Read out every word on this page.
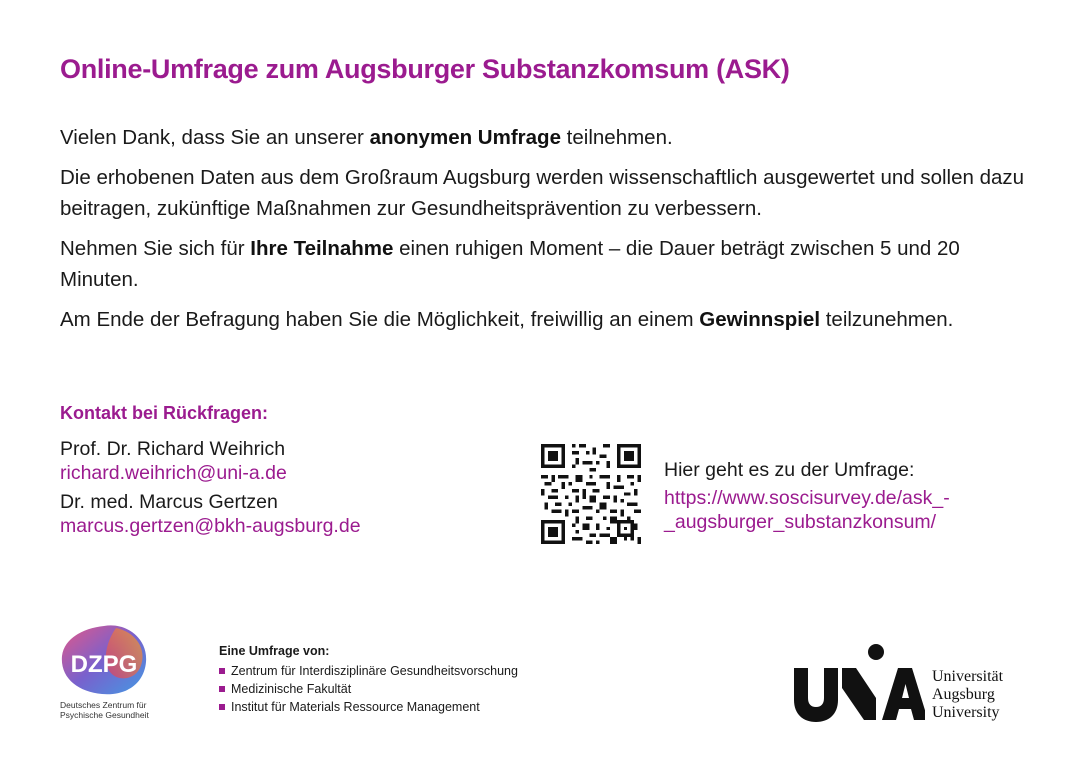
Online-Umfrage zum Augsburger Substanzkomsum (ASK)

Vielen Dank, dass Sie an unserer anonymen Umfrage teilnehmen.

Die erhobenen Daten aus dem Großraum Augsburg werden wissenschaftlich ausgewertet und sollen dazu beitragen, zukünftige Maßnahmen zur Gesundheitsprävention zu verbessern.

Nehmen Sie sich für Ihre Teilnahme einen ruhigen Moment – die Dauer beträgt zwischen 5 und 20 Minuten.

Am Ende der Befragung haben Sie die Möglichkeit, freiwillig an einem Gewinnspiel teilzunehmen.

Kontakt bei Rückfragen:
Prof. Dr. Richard Weihrich
richard.weihrich@uni-a.de
Dr. med. Marcus Gertzen
marcus.gertzen@bkh-augsburg.de
Hier geht es zu der Umfrage:
https://www.soscisurvey.de/ask_-_augsburger_substanzkonsum/
DZPG
Deutsches Zentrum für
Psychische Gesundheit
Eine Umfrage von:
Zentrum für Interdisziplinäre Gesundheitsvorschung
Medizinische Fakultät
Institut für Materials Ressource Management
Universität
Augsburg
University
